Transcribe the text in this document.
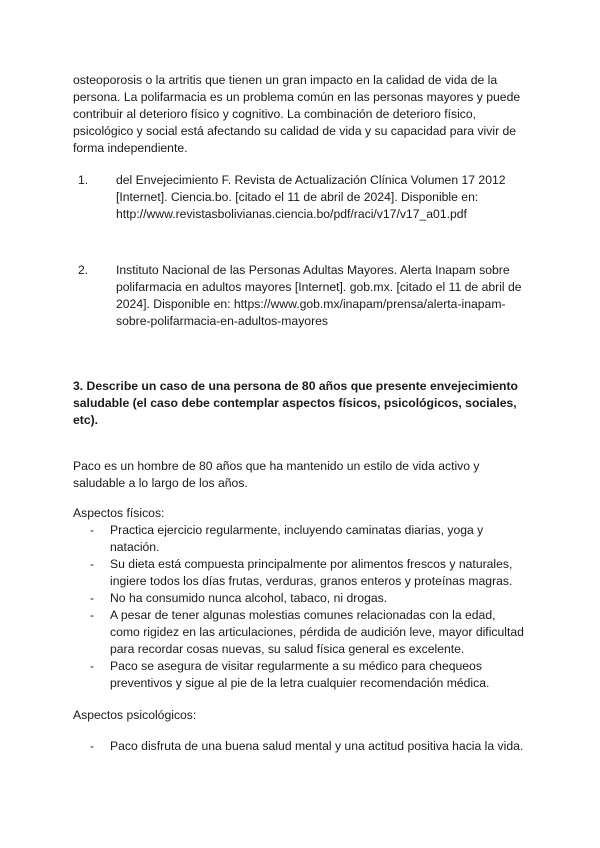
osteoporosis o la artritis que tienen un gran impacto en la calidad de vida de la persona. La polifarmacia es un problema común en las personas mayores y puede contribuir al deterioro físico y cognitivo. La combinación de deterioro físico, psicológico y social está afectando su calidad de vida y su capacidad para vivir de forma independiente.

1. del Envejecimiento F. Revista de Actualización Clínica Volumen 17 2012 [Internet]. Ciencia.bo. [citado el 11 de abril de 2024]. Disponible en: http://www.revistasbolivianas.ciencia.bo/pdf/raci/v17/v17_a01.pdf
2. Instituto Nacional de las Personas Adultas Mayores. Alerta Inapam sobre polifarmacia en adultos mayores [Internet]. gob.mx. [citado el 11 de abril de 2024]. Disponible en: https://www.gob.mx/inapam/prensa/alerta-inapam-sobre-polifarmacia-en-adultos-mayores

3. Describe un caso de una persona de 80 años que presente envejecimiento saludable (el caso debe contemplar aspectos físicos, psicológicos, sociales, etc).

Paco es un hombre de 80 años que ha mantenido un estilo de vida activo y saludable a lo largo de los años.

Aspectos físicos:

- Practica ejercicio regularmente, incluyendo caminatas diarias, yoga y natación.
- Su dieta está compuesta principalmente por alimentos frescos y naturales, ingiere todos los días frutas, verduras, granos enteros y proteínas magras.
- No ha consumido nunca alcohol, tabaco, ni drogas.
- A pesar de tener algunas molestias comunes relacionadas con la edad, como rigidez en las articulaciones, pérdida de audición leve, mayor dificultad para recordar cosas nuevas, su salud física general es excelente.
- Paco se asegura de visitar regularmente a su médico para chequeos preventivos y sigue al pie de la letra cualquier recomendación médica.

Aspectos psicológicos:

- Paco disfruta de una buena salud mental y una actitud positiva hacia la vida.
